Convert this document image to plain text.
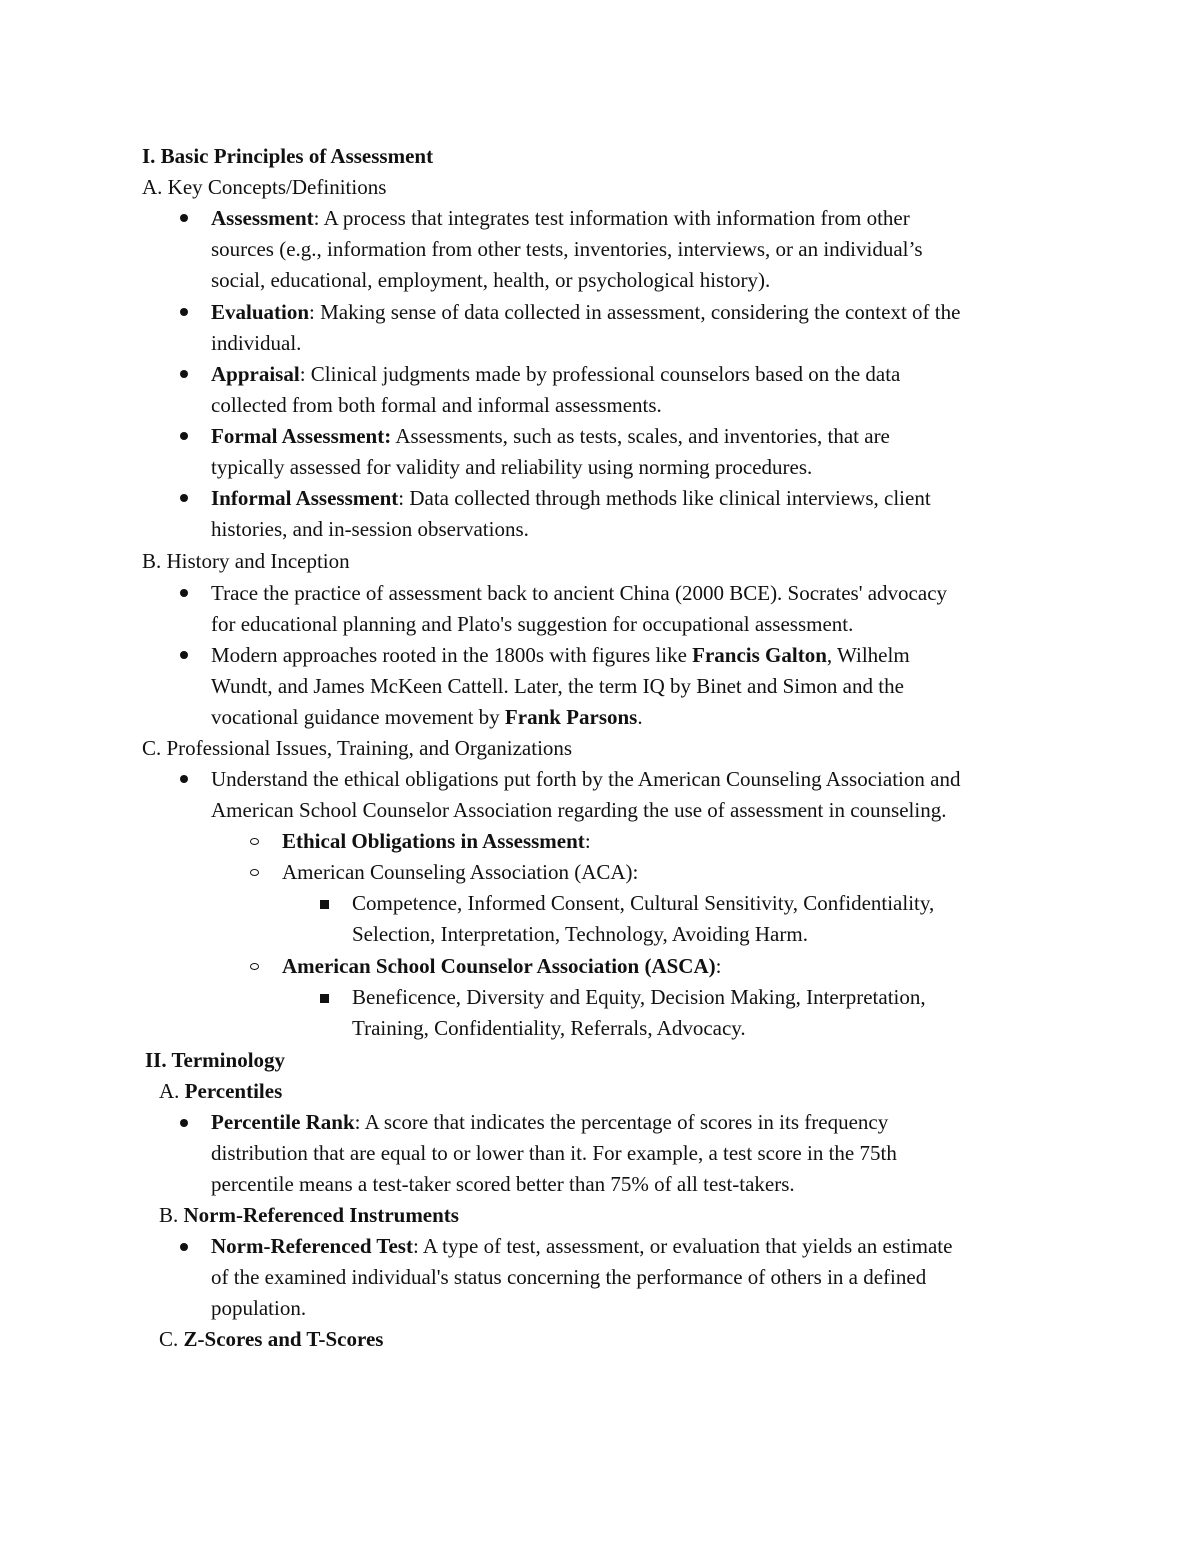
I. Basic Principles of Assessment
A. Key Concepts/Definitions
Assessment: A process that integrates test information with information from other
sources (e.g., information from other tests, inventories, interviews, or an individual’s
social, educational, employment, health, or psychological history).
Evaluation: Making sense of data collected in assessment, considering the context of the
individual.
Appraisal: Clinical judgments made by professional counselors based on the data
collected from both formal and informal assessments.
Formal Assessment: Assessments, such as tests, scales, and inventories, that are
typically assessed for validity and reliability using norming procedures.
Informal Assessment: Data collected through methods like clinical interviews, client
histories, and in-session observations.
B. History and Inception
Trace the practice of assessment back to ancient China (2000 BCE). Socrates' advocacy
for educational planning and Plato's suggestion for occupational assessment.
Modern approaches rooted in the 1800s with figures like Francis Galton, Wilhelm
Wundt, and James McKeen Cattell. Later, the term IQ by Binet and Simon and the
vocational guidance movement by Frank Parsons.
C. Professional Issues, Training, and Organizations
Understand the ethical obligations put forth by the American Counseling Association and
American School Counselor Association regarding the use of assessment in counseling.
Ethical Obligations in Assessment:
American Counseling Association (ACA):
Competence, Informed Consent, Cultural Sensitivity, Confidentiality,
Selection, Interpretation, Technology, Avoiding Harm.
American School Counselor Association (ASCA):
Beneficence, Diversity and Equity, Decision Making, Interpretation,
Training, Confidentiality, Referrals, Advocacy.
II. Terminology
A. Percentiles
Percentile Rank: A score that indicates the percentage of scores in its frequency
distribution that are equal to or lower than it. For example, a test score in the 75th
percentile means a test-taker scored better than 75% of all test-takers.
B. Norm-Referenced Instruments
Norm-Referenced Test: A type of test, assessment, or evaluation that yields an estimate
of the examined individual's status concerning the performance of others in a defined
population.
C. Z-Scores and T-Scores
